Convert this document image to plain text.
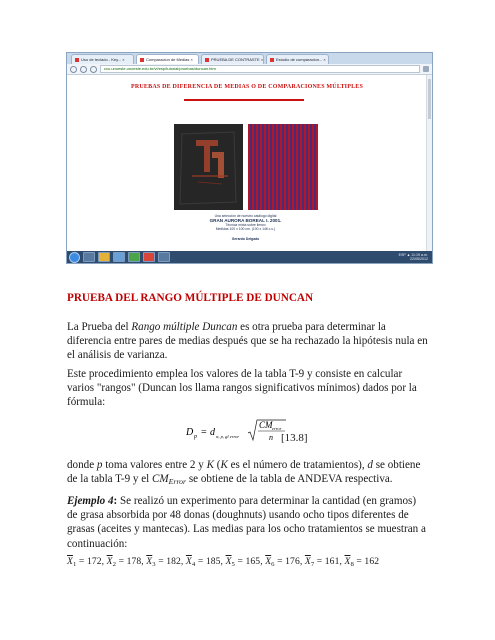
Uso de teclado - Key... ×	Comparacion de Medias ×	PRUEBA DE CONTRASTE ×	Estudio de comparacion... ×
cvu.unoeste.unoeste.edu.br/vt/esp/tutorial/pruebas/duncan.htm
PRUEBAS DE DIFERENCIA DE MEDIAS O DE COMPARACIONES MÚLTIPLES
Una selección de nuestro catálogo digital
GRAN AURORA BOREAL I. 2001.
Técnica mixta sobre lienzo
Medidas 100 x 100 cm. (100 x 146 c.u.)
Gerardo Delgado
ESP ▲ 11:19 a.m.
22/05/2012
PRUEBA DEL RANGO MÚLTIPLE DE DUNCAN

La Prueba del Rango múltiple Duncan es otra prueba para determinar la diferencia entre pares de medias después que se ha rechazado la hipótesis nula en el análisis de varianza.

Este procedimiento emplea los valores de la tabla T-9 y consiste en calcular varios "rangos" (Duncan los llama rangos significativos mínimos) dados por la fórmula:

D p = d α, p, gl error
CM error
n [13.8]

donde p toma valores entre 2 y K (K es el número de tratamientos), d se obtiene de la tabla T-9 y el $CM_{Error}$ se obtiene de la tabla de ANDEVA respectiva.

Ejemplo 4: Se realizó un experimento para determinar la cantidad (en gramos) de grasa absorbida por 48 donas (doughnuts) usando ocho tipos diferentes de grasas (aceites y mantecas). Las medias para los ocho tratamientos se muestran a continuación:

$\overline{X}_1 = 172$, $\overline{X}_2 = 178$, $\overline{X}_3 = 182$, $\overline{X}_4 = 185$, $\overline{X}_5 = 165$, $\overline{X}_6 = 176$, $\overline{X}_7 = 161$, $\overline{X}_8 = 162$
